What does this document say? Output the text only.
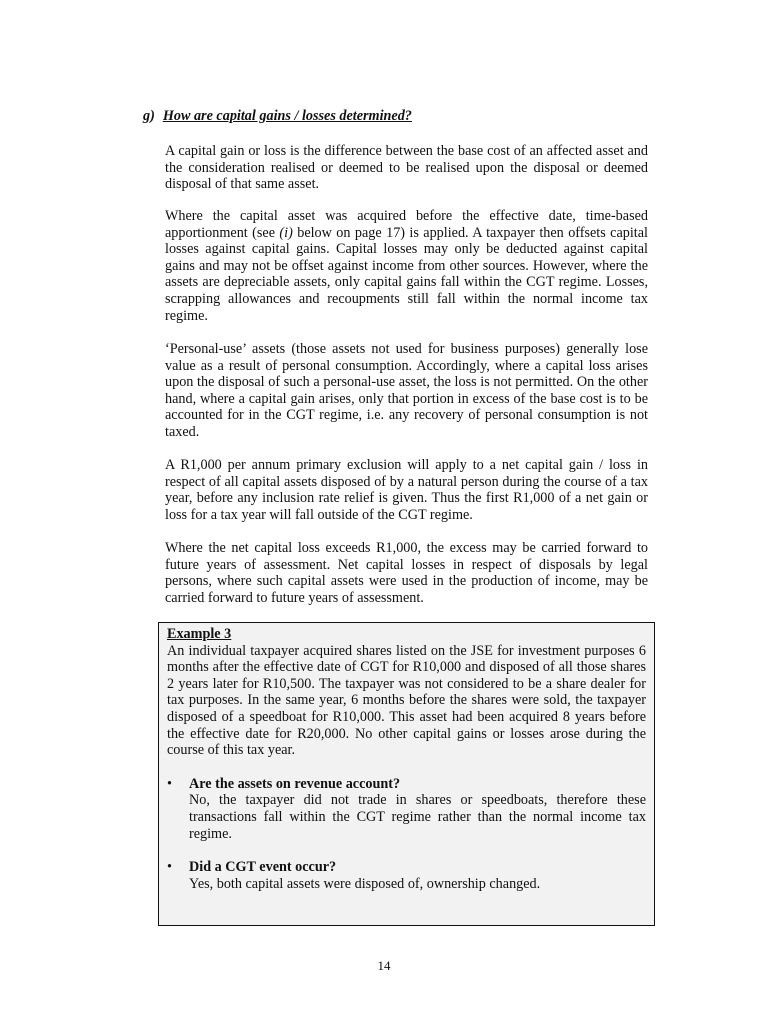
g) How are capital gains / losses determined?

A capital gain or loss is the difference between the base cost of an affected asset and the consideration realised or deemed to be realised upon the disposal or deemed disposal of that same asset.

Where the capital asset was acquired before the effective date, time-based apportionment (see (i) below on page 17) is applied. A taxpayer then offsets capital losses against capital gains. Capital losses may only be deducted against capital gains and may not be offset against income from other sources. However, where the assets are depreciable assets, only capital gains fall within the CGT regime. Losses, scrapping allowances and recoupments still fall within the normal income tax regime.

‘Personal-use’ assets (those assets not used for business purposes) generally lose value as a result of personal consumption. Accordingly, where a capital loss arises upon the disposal of such a personal-use asset, the loss is not permitted. On the other hand, where a capital gain arises, only that portion in excess of the base cost is to be accounted for in the CGT regime, i.e. any recovery of personal consumption is not taxed.

A R1,000 per annum primary exclusion will apply to a net capital gain / loss in respect of all capital assets disposed of by a natural person during the course of a tax year, before any inclusion rate relief is given. Thus the first R1,000 of a net gain or loss for a tax year will fall outside of the CGT regime.

Where the net capital loss exceeds R1,000, the excess may be carried forward to future years of assessment. Net capital losses in respect of disposals by legal persons, where such capital assets were used in the production of income, may be carried forward to future years of assessment.

Example 3

An individual taxpayer acquired shares listed on the JSE for investment purposes 6 months after the effective date of CGT for R10,000 and disposed of all those shares 2 years later for R10,500. The taxpayer was not considered to be a share dealer for tax purposes. In the same year, 6 months before the shares were sold, the taxpayer disposed of a speedboat for R10,000. This asset had been acquired 8 years before the effective date for R20,000. No other capital gains or losses arose during the course of this tax year.

• Are the assets on revenue account?
No, the taxpayer did not trade in shares or speedboats, therefore these transactions fall within the CGT regime rather than the normal income tax regime.
• Did a CGT event occur?
Yes, both capital assets were disposed of, ownership changed.

14
